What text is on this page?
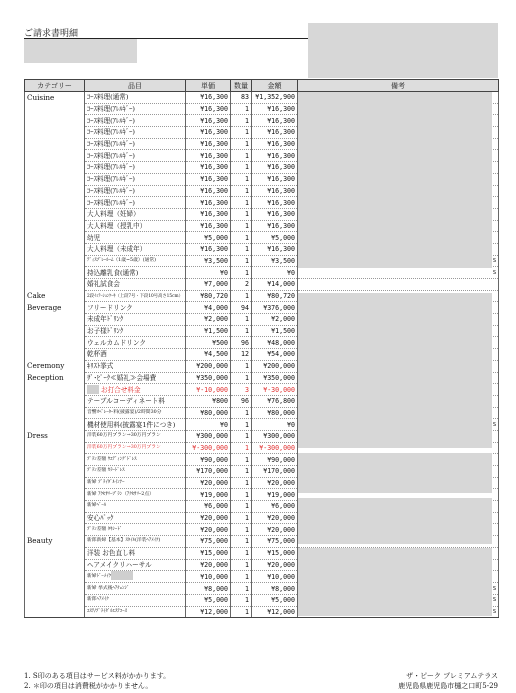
ご請求書明細
カテゴリー	品目	単価	数量	金額	備考
Cuisine	ｺｰｽ料理(通常)	¥16,300	83	¥1,352,900	
	ｺｰｽ料理(ｱﾚﾙｷﾞｰ)	¥16,300	1	¥16,300	
	ｺｰｽ料理(ｱﾚﾙｷﾞｰ)	¥16,300	1	¥16,300	
	ｺｰｽ料理(ｱﾚﾙｷﾞｰ)	¥16,300	1	¥16,300	
	ｺｰｽ料理(ｱﾚﾙｷﾞｰ)	¥16,300	1	¥16,300	
	ｺｰｽ料理(ｱﾚﾙｷﾞｰ)	¥16,300	1	¥16,300	
	ｺｰｽ料理(ｱﾚﾙｷﾞｰ)	¥16,300	1	¥16,300	
	ｺｰｽ料理(ｱﾚﾙｷﾞｰ)	¥16,300	1	¥16,300	
	ｺｰｽ料理(ｱﾚﾙｷﾞｰ)	¥16,300	1	¥16,300	
	ｺｰｽ料理(ｱﾚﾙｷﾞｰ)	¥16,300	1	¥16,300	
	大人料理（妊婦）	¥16,300	1	¥16,300	
	大人料理（授乳中）	¥16,300	1	¥16,300	
	幼児	¥5,000	1	¥5,000	
	大人料理（未成年）	¥16,300	1	¥16,300	
	ﾃﾞｨｽﾌﾟﾚｰﾙｰﾑ（1歳~5歳）(通常)	¥3,500	1	¥3,500	S
	持込離乳食(通常)	¥0	1	¥0	S
	婚礼試食会	¥7,000	2	¥14,000	
Cake	2段ｲﾐﾃｰｼｮﾝｹｰｷ（上段7号・下段10号高さ15cm）	¥80,720	1	¥80,720	
Beverage	フリードリンク	¥4,000	94	¥376,000	
	未成年ﾄﾞﾘﾝｸ	¥2,000	1	¥2,000	
	お子様ﾄﾞﾘﾝｸ	¥1,500	1	¥1,500	
	ウェルカムドリンク	¥500	96	¥48,000	
	乾杯酒	¥4,500	12	¥54,000	
Ceremony	ｷﾘｽﾄ挙式	¥200,000	1	¥200,000	
Reception	ｻﾞ･ﾋﾟｰｸ≪婚礼≫会場費	¥350,000	1	¥350,000	
	お打合せ料金	¥-10,000	3	¥-30,000	
	テーブルコーディネート料	¥800	96	¥76,800	
	音響ｵﾍﾟﾚｰﾀｰ料(披露宴)/2時間30分	¥80,000	1	¥80,000	
	機材使用料(披露宴1件につき)	¥0	1	¥0	S
Dress	洋装60万円プラン→30万円プラン	¥300,000	1	¥300,000	
	洋装60万円プラン→30万円プラン	¥-300,000	1	¥-300,000	
	ﾌﾟﾗﾝ差額 ｳｴﾃﾞｨﾝｸﾞﾄﾞﾚｽ	¥90,000	1	¥90,000	
	ﾌﾟﾗﾝ差額 ｶﾗｰﾄﾞﾚｽ	¥170,000	1	¥170,000	
	新婦 ﾌﾞﾗｲﾀﾞﾙｲﾝﾅｰ	¥20,000	1	¥20,000	
	新婦 ｱｸｾｻﾘｰﾌﾟﾗﾝ（ｱｸｾｻﾘｰ2点）	¥19,000	1	¥19,000	
	新婦ﾍﾞｰﾙ	¥6,000	1	¥6,000	
	安心ﾊﾟｯｸ	¥20,000	1	¥20,000	
	ﾌﾟﾗﾝ差額 ﾀｷｼｰﾄﾞ	¥20,000	1	¥20,000	
Beauty	新郎新婦【基本】ｽﾀｲﾙ(洋装ﾍｱﾒｲｸ)	¥75,000	1	¥75,000	
	洋装 お色直し料	¥15,000	1	¥15,000	
	ヘアメイクリハーサル	¥20,000	1	¥20,000	
	新婦ﾄﾞｰﾒｲｸ	¥10,000	1	¥10,000	
	新婦 挙式後ﾍｱﾁｪﾝｼﾞ	¥8,000	1	¥8,000	S
	新郎ﾍｱﾒｲｸ	¥5,000	1	¥5,000	S
	ｴｽﾃ/ﾌﾞﾗｲﾀﾞﾙｴｽﾃｺｰｽ	¥12,000	1	¥12,000	S
1. S印のある項目はサービス料がかかります。
2. ＊印の項目は消費税がかかりません。
ザ・ピーク プレミアムテラス
鹿児島県鹿児島市樋之口町5-29
